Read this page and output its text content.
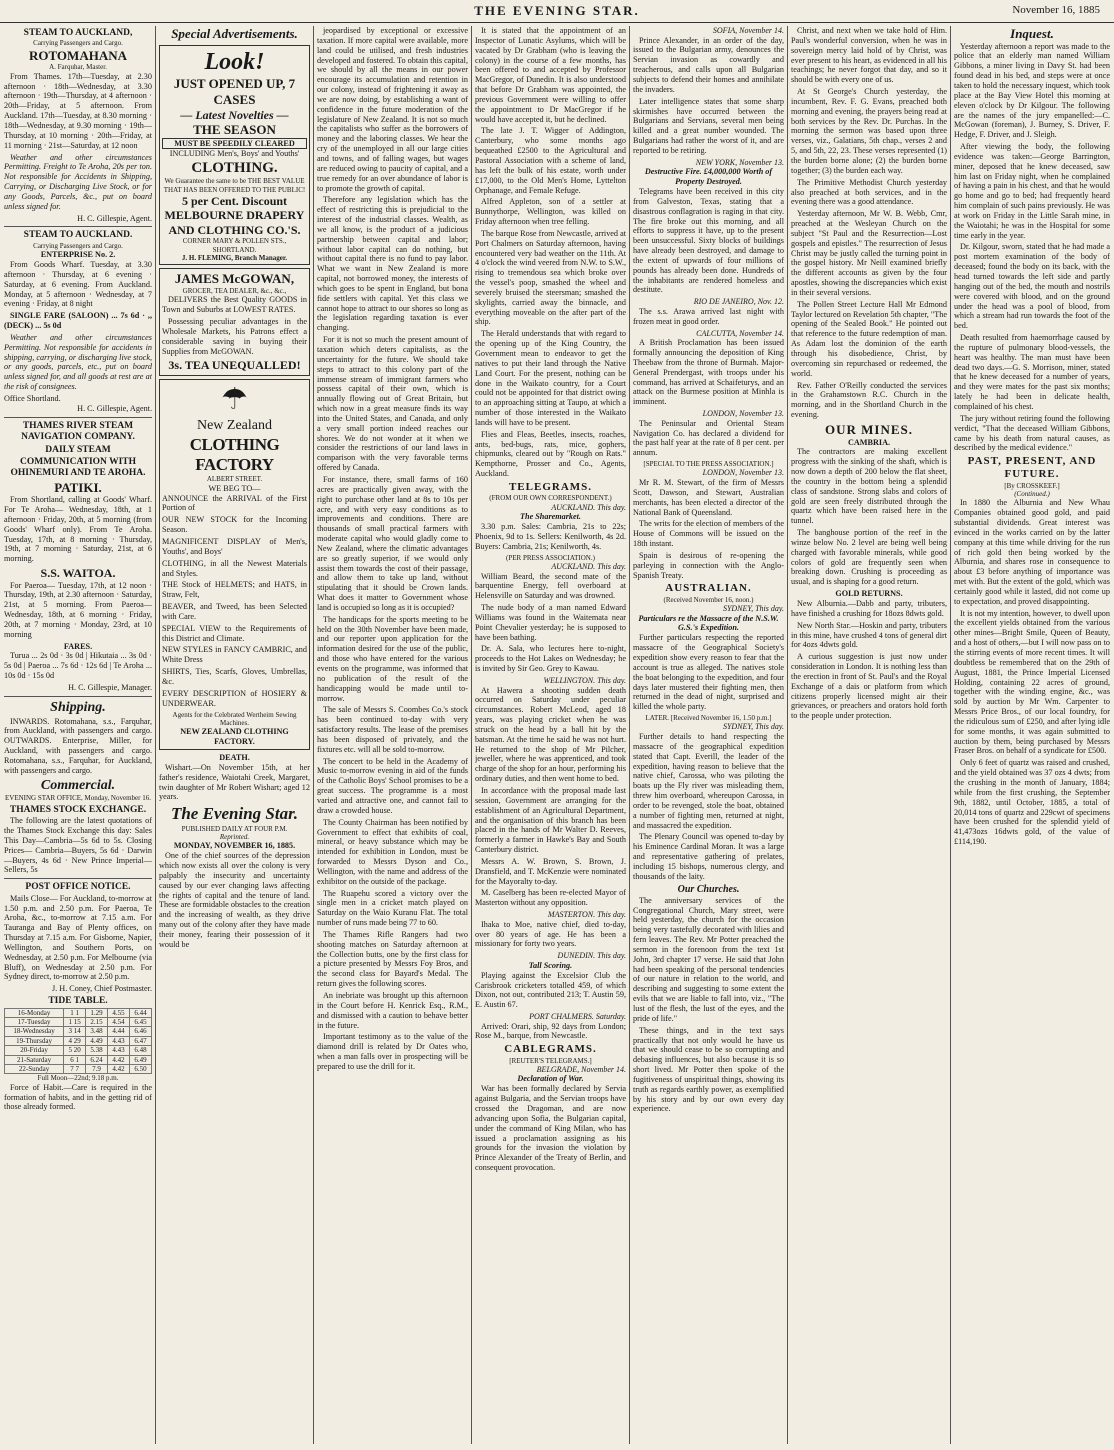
THE EVENING STAR.	November 16, 1885
STEAM TO AUCKLAND,
Carrying Passengers and Cargo.
ROTOMAHANA
A. Farquhar, Master.

From Thames. 17th—Tuesday, at 2.30 afternoon · 18th—Wednesday, at 3.30 afternoon · 19th—Thursday, at 4 afternoon · 20th—Friday, at 5 afternoon. From Auckland. 17th—Tuesday, at 8.30 morning · 18th—Wednesday, at 9.30 morning · 19th—Thursday, at 10 morning · 20th—Friday, at 11 morning · 21st—Saturday, at 12 noon

Weather and other circumstances Permitting. Freight to Te Aroha, 20s per ton. Not responsible for Accidents in Shipping, Carrying, or Discharging Live Stock, or for any Goods, Parcels, &c., put on board unless signed for.

H. C. Gillespie, Agent.
STEAM TO AUCKLAND.
Carrying Passengers and Cargo.
ENTERPRISE No. 2.

From Goods Wharf. Tuesday, at 3.30 afternoon · Thursday, at 6 evening · Saturday, at 6 evening. From Auckland. Monday, at 5 afternoon · Wednesday, at 7 evening · Friday, at 8 night

SINGLE FARE (SALOON) ... 7s 6d · ,, (DECK) ... 5s 0d

Weather and other circumstances Permitting. Not responsible for accidents in shipping, carrying, or discharging live stock, or any goods, parcels, etc., put on board unless signed for, and all goods at rest are at the risk of consignees.

Office Shortland.
H. C. Gillespie, Agent.
THAMES RIVER STEAM NAVIGATION COMPANY.
DAILY STEAM COMMUNICATION WITH OHINEMURI AND TE AROHA.
PATIKI.

From Shortland, calling at Goods' Wharf. For Te Aroha— Wednesday, 18th, at 1 afternoon · Friday, 20th, at 5 morning (from Goods' Wharf only). From Te Aroha. Tuesday, 17th, at 8 morning · Thursday, 19th, at 7 morning · Saturday, 21st, at 6 morning.

S.S. WAITOA.

For Paeroa— Tuesday, 17th, at 12 noon · Thursday, 19th, at 2.30 afternoon · Saturday, 21st, at 5 morning. From Paeroa— Wednesday, 18th, at 6 morning · Friday, 20th, at 7 morning · Monday, 23rd, at 10 morning

FARES.

Turua ... 2s 0d · 3s 0d | Hikutaia ... 3s 0d · 5s 0d | Paeroa ... 7s 6d · 12s 6d | Te Aroha ... 10s 0d · 15s 0d

H. C. Gillespie, Manager.
Shipping.

INWARDS. Rotomahana, s.s., Farquhar, from Auckland, with passengers and cargo. OUTWARDS. Enterprise, Miller, for Auckland, with passengers and cargo. Rotomahana, s.s., Farquhar, for Auckland, with passengers and cargo.

Commercial.
EVENING STAR OFFICE, Monday, November 16.
THAMES STOCK EXCHANGE.

The following are the latest quotations of the Thames Stock Exchange this day: Sales This Day—Cambria—5s 6d to 5s. Closing Prices— Cambria—Buyers, 5s 6d · Darwin—Buyers, 4s 6d · New Prince Imperial—Sellers, 5s

POST OFFICE NOTICE.

Mails Close— For Auckland, to-morrow at 1.50 p.m. and 2.50 p.m. For Paeroa, Te Aroha, &c., to-morrow at 7.15 a.m. For Tauranga and Bay of Plenty offices, on Thursday at 7.15 a.m. For Gisborne, Napier, Wellington, and Southern Ports, on Wednesday, at 2.50 p.m. For Melbourne (via Bluff), on Wednesday at 2.50 p.m. For Sydney direct, to-morrow at 2.50 p.m.

J. H. Coney, Chief Postmaster.
TIDE TABLE.
16-Monday	1 1	1.29	4.55	6.44
17-Tuesday	1 15	2.15	4.54	6.45
18-Wednesday	3 14	3.48	4.44	6.46
19-Thursday	4 29	4.49	4.43	6.47
20-Friday	5 20	5.38	4.43	6.48
21-Saturday	6 1	6.24	4.42	6.49
22-Sunday	7 7	7.9	4.42	6.50
Full Moon—22nd; 9.18 p.m.

Force of Habit.—Care is required in the formation of habits, and in the getting rid of those already formed.

Special Advertisements.
Look!
JUST OPENED UP, 7 CASES
— Latest Novelties —
THE SEASON
MUST BE SPEEDILY CLEARED
INCLUDING Men's, Boys' and Youths'
CLOTHING.
We Guarantee the same to be THE BEST VALUE THAT HAS BEEN OFFERED TO THE PUBLIC!
5 per Cent. Discount
MELBOURNE DRAPERY AND CLOTHING CO.'S.
CORNER MARY & POLLEN STS., SHORTLAND.
J. H. FLEMING, Branch Manager.
JAMES McGOWAN,
GROCER, TEA DEALER, &c., &c.,

DELIVERS the Best Quality GOODS in Town and Suburbs at LOWEST RATES.

Possessing peculiar advantages in the Wholesale Markets, his Patrons effect a considerable saving in buying their Supplies from McGOWAN.

3s. TEA UNEQUALLED!
☂
New Zealand
CLOTHING FACTORY
ALBERT STREET.
WE BEG TO—

ANNOUNCE the ARRIVAL of the First Portion of

OUR NEW STOCK for the Incoming Season.

MAGNIFICENT DISPLAY of Men's, Youths', and Boys'

CLOTHING, in all the Newest Materials and Styles.

THE Stock of HELMETS; and HATS, in Straw, Felt,

BEAVER, and Tweed, has been Selected with Care.

SPECIAL VIEW to the Requirements of this District and Climate.

NEW STYLES in FANCY CAMBRIC, and White Dress

SHIRTS, Ties, Scarfs, Gloves, Umbrellas, &c.

EVERY DESCRIPTION of HOSIERY & UNDERWEAR.

Agents for the Celebrated Wertheim Sewing Machines.
NEW ZEALAND CLOTHING FACTORY.
DEATH.

Wishart.—On November 15th, at her father's residence, Waiotahi Creek, Margaret, twin daughter of Mr Robert Wishart; aged 12 years.

The Evening Star.
PUBLISHED DAILY AT FOUR P.M.
Reprinted.
MONDAY, NOVEMBER 16, 1885.

One of the chief sources of the depression which now exists all over the colony is very palpably the insecurity and uncertainty caused by our ever changing laws affecting the rights of capital and the tenure of land. These are formidable obstacles to the creation and the increasing of wealth, as they drive many out of the colony after they have made their money, fearing their possession of it would be

jeopardised by exceptional or excessive taxation. If more capital were available, more land could be utilised, and fresh industries developed and fostered. To obtain this capital, we should by all the means in our power encourage its accumulation and retention in our colony, instead of frightening it away as we are now doing, by establishing a want of confidence in the future moderation of the legislature of New Zealand. It is not so much the capitalists who suffer as the borrowers of money and the laboring classes. We hear the cry of the unemployed in all our large cities and towns, and of falling wages, but wages are reduced owing to paucity of capital, and a true remedy for an over abundance of labor is to promote the growth of capital.

Therefore any legislation which has the effect of restricting this is prejudicial to the interest of the industrial classes. Wealth, as we all know, is the product of a judicious partnership between capital and labor; without labor capital can do nothing, but without capital there is no fund to pay labor. What we want in New Zealand is more capital, not borrowed money, the interests of which goes to be spent in England, but bona fide settlers with capital. Yet this class we cannot hope to attract to our shores so long as the legislation regarding taxation is ever changing.

For it is not so much the present amount of taxation which deters capitalists, as the uncertainty for the future. We should take steps to attract to this colony part of the immense stream of immigrant farmers who possess capital of their own, which is annually flowing out of Great Britain, but which now in a great measure finds its way into the United States, and Canada, and only a very small portion indeed reaches our shores. We do not wonder at it when we consider the restrictions of our land laws in comparison with the very favorable terms offered by Canada.

For instance, there, small farms of 160 acres are practically given away, with the right to purchase other land at 8s to 10s per acre, and with very easy conditions as to improvements and conditions. There are thousands of small practical farmers with moderate capital who would gladly come to New Zealand, where the climatic advantages are so greatly superior, if we would only assist them towards the cost of their passage, and allow them to take up land, without stipulating that it should be Crown lands. What does it matter to Government whose land is occupied so long as it is occupied?

The handicaps for the sports meeting to be held on the 30th November have been made, and our reporter upon application for the information desired for the use of the public, and those who have entered for the various events on the programme, was informed that no publication of the result of the handicapping would be made until to-morrow.

The sale of Messrs S. Coombes Co.'s stock has been continued to-day with very satisfactory results. The lease of the premises has been disposed of privately, and the fixtures etc. will all be sold to-morrow.

The concert to be held in the Academy of Music to-morrow evening in aid of the funds of the Catholic Boys' School promises to be a great success. The programme is a most varied and attractive one, and cannot fail to draw a crowded house.

The County Chairman has been notified by Government to effect that exhibits of coal, mineral, or heavy substance which may be intended for exhibition in London, must be forwarded to Messrs Dyson and Co., Wellington, with the name and address of the exhibitor on the outside of the package.

The Ruapehu scored a victory over the single men in a cricket match played on Saturday on the Waio Kuranu Flat. The total number of runs made being 77 to 60.

The Thames Rifle Rangers had two shooting matches on Saturday afternoon at the Collection butts, one by the first class for a picture presented by Messrs Foy Bros, and the second class for Bayard's Medal. The return gives the following scores.

An inebriate was brought up this afternoon in the Court before H. Kenrick Esq., R.M., and dismissed with a caution to behave better in the future.

Important testimony as to the value of the diamond drill is related by Dr Oates who, when a man falls over in prospecting will be prepared to use the drill for it.

It is stated that the appointment of an Inspector of Lunatic Asylums, which will be vacated by Dr Grabham (who is leaving the colony) in the course of a few months, has been offered to and accepted by Professor MacGregor, of Dunedin. It is also understood that before Dr Grabham was appointed, the previous Government were willing to offer the appointment to Dr MacGregor if he would have accepted it, but he declined.

The late J. T. Wigger of Addington, Canterbury, who some months ago bequeathed £2500 to the Agricultural and Pastoral Association with a scheme of land, has left the bulk of his estate, worth under £17,000, to the Old Men's Home, Lyttelton Orphanage, and Female Refuge.

Alfred Appleton, son of a settler at Bunnythorpe, Wellington, was killed on Friday afternoon when tree felling.

The barque Rose from Newcastle, arrived at Port Chalmers on Saturday afternoon, having encountered very bad weather on the 11th. At 4 o'clock the wind veered from N.W. to S.W., rising to tremendous sea which broke over the vessel's poop, smashed the wheel and severely bruised the steersman; smashed the skylights, carried away the binnacle, and everything moveable on the after part of the ship.

The Herald understands that with regard to the opening up of the King Country, the Government mean to endeavor to get the natives to put their land through the Native Land Court. For the present, nothing can be done in the Waikato country, for a Court could not be appointed for that district owing to an approaching sitting at Taupo, at which a number of those interested in the Waikato lands will have to be present.

Flies and Fleas, Beetles, insects, roaches, ants, bed-bugs, rats, mice, gophers, chipmunks, cleared out by "Rough on Rats." Kempthorne, Prosser and Co., Agents, Auckland.

TELEGRAMS.
(FROM OUR OWN CORRESPONDENT.)
AUCKLAND. This day.
The Sharemarket.

3.30 p.m. Sales: Cambria, 21s to 22s; Phoenix, 9d to 1s. Sellers: Kenilworth, 4s 2d. Buyers: Cambria, 21s; Kenilworth, 4s.

(PER PRESS ASSOCIATION.)
AUCKLAND. This day.

William Beard, the second mate of the barquentine Energy, fell overboard at Helensville on Saturday and was drowned.

The nude body of a man named Edward Williams was found in the Waitemata near Point Chevalier yesterday; he is supposed to have been bathing.

Dr. A. Sala, who lectures here to-night, proceeds to the Hot Lakes on Wednesday; he is invited by Sir Geo. Grey to Kawau.

WELLINGTON. This day.

At Hawera a shooting sudden death occurred on Saturday under peculiar circumstances. Robert McLeod, aged 18 years, was playing cricket when he was struck on the head by a ball hit by the batsman. At the time he said he was not hurt. He returned to the shop of Mr Pilcher, jeweller, where he was apprenticed, and took charge of the shop for an hour, performing his ordinary duties, and then went home to bed.

In accordance with the proposal made last session, Government are arranging for the establishment of an Agricultural Department, and the organisation of this branch has been placed in the hands of Mr Walter D. Reeves, formerly a farmer in Hawke's Bay and South Canterbury district.

Messrs A. W. Brown, S. Brown, J. Dransfield, and T. McKenzie were nominated for the Mayoralty to-day.

M. Caselberg has been re-elected Mayor of Masterton without any opposition.

MASTERTON. This day.

Ihaka to Moe, native chief, died to-day, over 80 years of age. He has been a missionary for forty two years.

DUNEDIN. This day.
Tall Scoring.

Playing against the Excelsior Club the Carisbrook cricketers totalled 459, of which Dixon, not out, contributed 213; T. Austin 59, E. Austin 67.

PORT CHALMERS. Saturday.

Arrived: Orari, ship, 92 days from London; Rose M., barque, from Newcastle.

CABLEGRAMS.
[REUTER'S TELEGRAMS.]
BELGRADE, November 14.
Declaration of War.

War has been formally declared by Servia against Bulgaria, and the Servian troops have crossed the Dragoman, and are now advancing upon Sofia, the Bulgarian capital, under the command of King Milan, who has issued a proclamation assigning as his grounds for the invasion the violation by Prince Alexander of the Treaty of Berlin, and consequent provocation.

SOFIA, November 14.

Prince Alexander, in an order of the day, issued to the Bulgarian army, denounces the Servian invasion as cowardly and treacherous, and calls upon all Bulgarian subjects to defend their homes and annihilate the invaders.

Later intelligence states that some sharp skirmishes have occurred between the Bulgarians and Servians, several men being killed and a great number wounded. The Bulgarians had rather the worst of it, and are reported to be retiring.

NEW YORK, November 13.
Destructive Fire. £4,000,000 Worth of Property Destroyed.

Telegrams have been received in this city from Galveston, Texas, stating that a disastrous conflagration is raging in that city. The fire broke out this morning, and all efforts to suppress it have, up to the present been unsuccessful. Sixty blocks of buildings have already been destroyed, and damage to the extent of upwards of four millions of pounds has already been done. Hundreds of the inhabitants are rendered homeless and destitute.

RIO DE JANEIRO, Nov. 12.

The s.s. Arawa arrived last night with frozen meat in good order.

CALCUTTA, November 14.

A British Proclamation has been issued formally announcing the deposition of King Theebaw from the throne of Burmah. Major-General Prendergast, with troops under his command, has arrived at Schaifeturys, and an attack on the Burmese position at Minhla is imminent.

LONDON, November 13.

The Peninsular and Oriental Steam Navigation Co. has declared a dividend for the past half year at the rate of 8 per cent. per annum.

[SPECIAL TO THE PRESS ASSOCIATION.]
LONDON, November 13.

Mr R. M. Stewart, of the firm of Messrs Scott, Dawson, and Stewart, Australian merchants, has been elected a director of the National Bank of Queensland.

The writs for the election of members of the House of Commons will be issued on the 18th instant.

Spain is desirous of re-opening the parleying in connection with the Anglo-Spanish Treaty.

AUSTRALIAN.
(Received November 16, noon.)
SYDNEY, This day.
Particulars re the Massacre of the N.S.W. G.S.'s Expedition.

Further particulars respecting the reported massacre of the Geographical Society's expedition show every reason to fear that the account is true as alleged. The natives stole the boat belonging to the expedition, and four days later mustered their fighting men, then returned in the dead of night, surprised and killed the whole party.

LATER. [Received November 16, 1.50 p.m.]
SYDNEY, This day.

Further details to hand respecting the massacre of the geographical expedition stated that Capt. Everill, the leader of the expedition, having reason to believe that the native chief, Carossa, who was piloting the boats up the Fly river was misleading them, threw him overboard, whereupon Carossa, in order to be revenged, stole the boat, obtained a number of fighting men, returned at night, and massacred the expedition.

The Plenary Council was opened to-day by his Eminence Cardinal Moran. It was a large and representative gathering of prelates, including 15 bishops, numerous clergy, and thousands of the laity.

Our Churches.

The anniversary services of the Congregational Church, Mary street, were held yesterday, the church for the occasion being very tastefully decorated with lilies and fern leaves. The Rev. Mr Potter preached the sermon in the forenoon from the text 1st John, 3rd chapter 17 verse. He said that John had been speaking of the personal tendencies of our nature in relation to the world, and describing and suggesting to some extent the evils that we are liable to fall into, viz., "The lust of the flesh, the lust of the eyes, and the pride of life."

These things, and in the text says practically that not only would he have us that we should cease to be so corrupting and debasing influences, but also because it is so short lived. Mr Potter then spoke of the fugitiveness of unspiritual things, showing its truth as regards earthly power, as exemplified by his story and by our own every day experience.

Christ, and next when we take hold of Him. Paul's wonderful conversion, when he was in sovereign mercy laid hold of by Christ, was ever present to his heart, as evidenced in all his teachings; he never forgot that day, and so it should be with every one of us.

At St George's Church yesterday, the incumbent, Rev. F. G. Evans, preached both morning and evening, the prayers being read at both services by the Rev. Dr. Purchas. In the morning the sermon was based upon three verses, viz., Galatians, 5th chap., verses 2 and 5, and 5th, 22, 23. These verses represented (1) the burden borne alone; (2) the burden borne together; (3) the burden each way.

The Primitive Methodist Church yesterday also preached at both services, and in the evening there was a good attendance.

Yesterday afternoon, Mr W. B. Webb, Cmr, preached at the Wesleyan Church on the subject "St Paul and the Resurrection—Lost gospels and epistles." The resurrection of Jesus Christ may be justly called the turning point in the gospel history. Mr Neill examined briefly the different accounts as given by the four apostles, showing the discrepancies which exist in their several versions.

The Pollen Street Lecture Hall Mr Edmond Taylor lectured on Revelation 5th chapter, "The opening of the Sealed Book." He pointed out that reference to the future redemption of man. As Adam lost the dominion of the earth through his disobedience, Christ, by overcoming sin repurchased or redeemed, the world.

Rev. Father O'Reilly conducted the services in the Grahamstown R.C. Church in the morning, and in the Shortland Church in the evening.

OUR MINES.
CAMBRIA.

The contractors are making excellent progress with the sinking of the shaft, which is now down a depth of 200 below the flat sheet, the country in the bottom being a splendid class of sandstone. Strong slabs and colors of gold are seen freely distributed through the quartz which have been raised here in the tunnel.

The banghouse portion of the reef in the winze below No. 2 level are being well being charged with favorable minerals, while good colors of gold are frequently seen when breaking down. Crushing is proceeding as usual, and is shaping for a good return.

GOLD RETURNS.

New Alburnia.—Dabb and party, tributers, have finished a crushing for 18ozs 8dwts gold.

New North Star.—Hoskin and party, tributers in this mine, have crushed 4 tons of general dirt for 4ozs 4dwts gold.

A curious suggestion is just now under consideration in London. It is nothing less than the erection in front of St. Paul's and the Royal Exchange of a dais or platform from which citizens properly licensed might air their grievances, or preachers and orators hold forth to the people under protection.

Inquest.

Yesterday afternoon a report was made to the police that an elderly man named William Gibbons, a miner living in Davy St. had been found dead in his bed, and steps were at once taken to hold the necessary inquest, which took place at the Bay View Hotel this morning at eleven o'clock by Dr Kilgour. The following are the names of the jury empanelled:—C. McGowan (foreman), J. Burney, S. Driver, F. Hedge, F. Driver, and J. Sleigh.

After viewing the body, the following evidence was taken:—George Barrington, miner, deposed that he knew deceased, saw him last on Friday night, when he complained of having a pain in his chest, and that he would go home and go to bed; had frequently heard him complain of such pains previously. He was at work on Friday in the Little Sarah mine, in the Waiotahi; he was in the Hospital for some time early in the year.

Dr. Kilgour, sworn, stated that he had made a post mortem examination of the body of deceased; found the body on its back, with the head turned towards the left side and partly hanging out of the bed, the mouth and nostrils were covered with blood, and on the ground under the head was a pool of blood, from which a stream had run towards the foot of the bed.

Death resulted from haemorrhage caused by the rupture of pulmonary blood-vessels, the heart was healthy. The man must have been dead two days.—G. S. Morrison, miner, stated that he knew deceased for a number of years, and they were mates for the past six months; lately he had been in delicate health, complained of his chest.

The jury without retiring found the following verdict, "That the deceased William Gibbons, came by his death from natural causes, as described by the medical evidence."

PAST, PRESENT, AND FUTURE.
[By CROSSKEEF.]
(Continued.)

In 1880 the Alburnia and New Whau Companies obtained good gold, and paid substantial dividends. Great interest was evinced in the works carried on by the latter company at this time while driving for the run of rich gold then being worked by the Alburnia, and shares rose in consequence to about £3 before anything of importance was met with. But the extent of the gold, which was certainly good while it lasted, did not come up to expectation, and proved disappointing.

It is not my intention, however, to dwell upon the excellent yields obtained from the various other mines—Bright Smile, Queen of Beauty, and a host of others,—but I will now pass on to the stirring events of more recent times. It will doubtless be remembered that on the 29th of August, 1881, the Prince Imperial Licensed Holding, containing 22 acres of ground, together with the winding engine, &c., was sold by auction by Mr Wm. Carpenter to Messrs Price Bros., of our local foundry, for the ridiculous sum of £250, and after lying idle for some months, it was again submitted to auction by them, being purchased by Messrs Fraser Bros. on behalf of a syndicate for £500.

Only 6 feet of quartz was raised and crushed, and the yield obtained was 37 ozs 4 dwts; from the crushing in the month of January, 1884; while from the first crushing, the September 9th, 1882, until October, 1885, a total of 20,014 tons of quartz and 229cwt of specimens have been crushed for the splendid yield of 41,473ozs 16dwts gold, of the value of £114,190.
